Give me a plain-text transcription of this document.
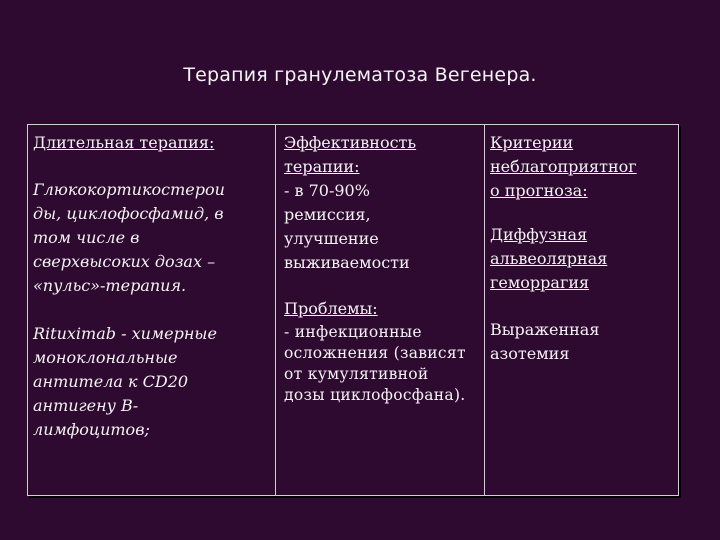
Терапия гранулематоза Вегенера.
Длительная терапия:
Глюкокортикостерои
ды, циклофосфамид, в
том числе в
сверхвысоких дозах –
«пульс»-терапия.
Rituximab - химерные
моноклональные
антитела к CD20
антигену В-
лимфоцитов;
Эффективность
терапии:
- в 70-90%
ремиссия,
улучшение
выживаемости
Проблемы:
- инфекционные
осложнения (зависят
от кумулятивной
дозы циклофосфана).
Критерии
неблагоприятног
о прогноза:
Диффузная
альвеолярная
геморрагия
Выраженная
азотемия
